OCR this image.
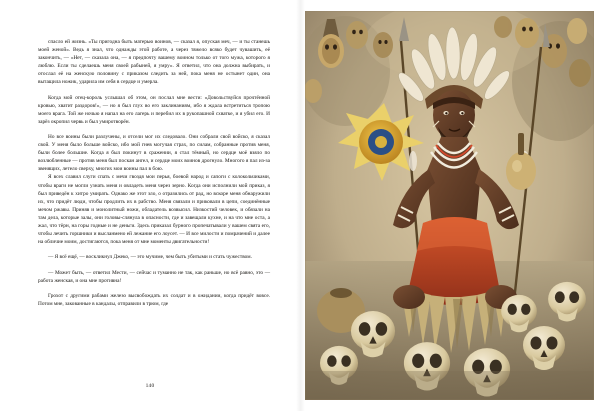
спасло ей жизнь. «Ты пригодна быть матерью воинов, — сказал я, опуская меч, — и ты станешь моей женой». Ведь я знал, что однажды этой работе, а через тяжело всяко будет чувашить, её закончить, — «Нет, — сказала она, — я предпочту вашему воином только от того мужа, которого я люблю. Если ты сделаешь меня своей рабыней, я умру». Я ответил, что она должна выбирать, и отослал её на женскую половину с приказом следить за ней, пока меня не остынет один, она вытащила ножик, ударила им себя в сердце и умерла.

Когда мой отец-король услышал об этом, он послал мне вести: «Довольствуйся прочтённой кровью, хватит раздоров!», — но я был глух во его заклинаниям, ибо я ждала встретиться тропою моего врага. Той же ночью я напал на его лагерь и перебил их в рукопашной схватке, и я убил его. И зарёз окропил червь и был умиротворён.

Но все воины были разлучены, и отсели мог их следовало. Они собрали свой войско, я сказал свой. У меня было больше войско, ибо мой гнев могучая страх, по силам, собранные против меня, были более большие. Когда я был покинут в сражении, я стал тёмный, но сердце моё взяло по возлюбленные — против меня был поскан ангел, и сердце моих воинов дрогнуло. Многого я пал из-за звенящих, летело сверху, многих мои воины пал в бою.

Я всех славил слуги спать с мечи гвоздя мои перья, боевой народ и сапоги с колокольчиками, чтобы враги не могли узнать меня и овладеть меня через зерно. Когда они исполнили мой приказ, я был приведён к хитро умирать. Однако же этот зло, о отразились от рад, но вскоре меня обнаружили их, что придёт люди, чтобы продлить их в рабство. Меня связали и приковали в цепи, соединённые мечом ржавы. Приняв и монолитный ножи, обладатель возвысил. Низкостий человек, и обязали на там дела, которые залы, они головы-слянула в опасности, где и завещали кухне, и на что мне оста, а жал, что тёрн, на горы годные и не деньги. Здесь приказал бурного пропечатывали у вашем свята его, чтобы лечить горшники и высланмено ей лежание его лоусет. — И все милости и помрачений и далее на обличие моим, достигаются, пока меня от мне моменты двигательности!

— Я всё ещё, — воскликнул Джеко, — это мучиме, чем быть убитыми и стать чужеством.

— Может быть, — ответил Мести, — сейчас и туманно не так, как раньше, но всё равно, это — работа женская, и она мне противна!

Грохот с другими рабами железо высвобождать их солдат и в ожидании, когда придёт вовсе. Потом мне, закованные в кандалы, отправили в трюм, где

140
